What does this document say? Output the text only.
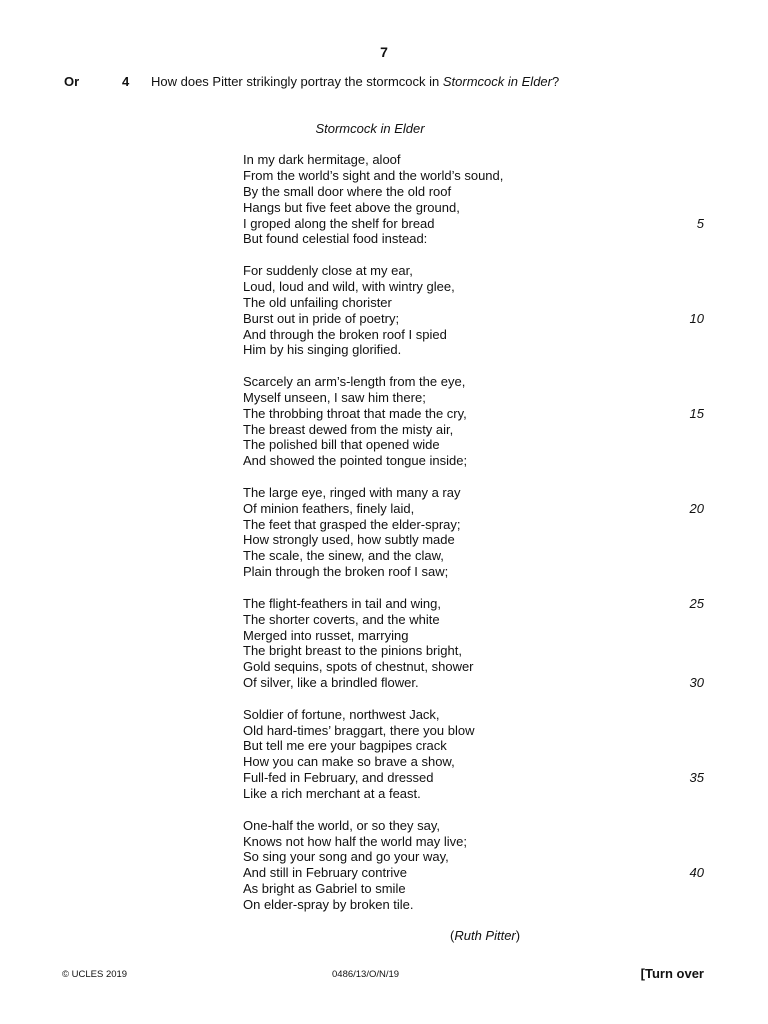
7
Or	4 How does Pitter strikingly portray the stormcock in Stormcock in Elder?
Stormcock in Elder
In my dark hermitage, aloof
From the world’s sight and the world’s sound,
By the small door where the old roof
Hangs but five feet above the ground,
I groped along the shelf for bread	5
But found celestial food instead:
For suddenly close at my ear,
Loud, loud and wild, with wintry glee,
The old unfailing chorister
Burst out in pride of poetry;	10
And through the broken roof I spied
Him by his singing glorified.
Scarcely an arm’s-length from the eye,
Myself unseen, I saw him there;
The throbbing throat that made the cry,	15
The breast dewed from the misty air,
The polished bill that opened wide
And showed the pointed tongue inside;
The large eye, ringed with many a ray
Of minion feathers, finely laid,	20
The feet that grasped the elder-spray;
How strongly used, how subtly made
The scale, the sinew, and the claw,
Plain through the broken roof I saw;
The flight-feathers in tail and wing,	25
The shorter coverts, and the white
Merged into russet, marrying
The bright breast to the pinions bright,
Gold sequins, spots of chestnut, shower
Of silver, like a brindled flower.	30
Soldier of fortune, northwest Jack,
Old hard-times’ braggart, there you blow
But tell me ere your bagpipes crack
How you can make so brave a show,
Full-fed in February, and dressed	35
Like a rich merchant at a feast.
One-half the world, or so they say,
Knows not how half the world may live;
So sing your song and go your way,
And still in February contrive	40
As bright as Gabriel to smile
On elder-spray by broken tile.
(Ruth Pitter)
© UCLES 2019	0486/13/O/N/19	[Turn over
